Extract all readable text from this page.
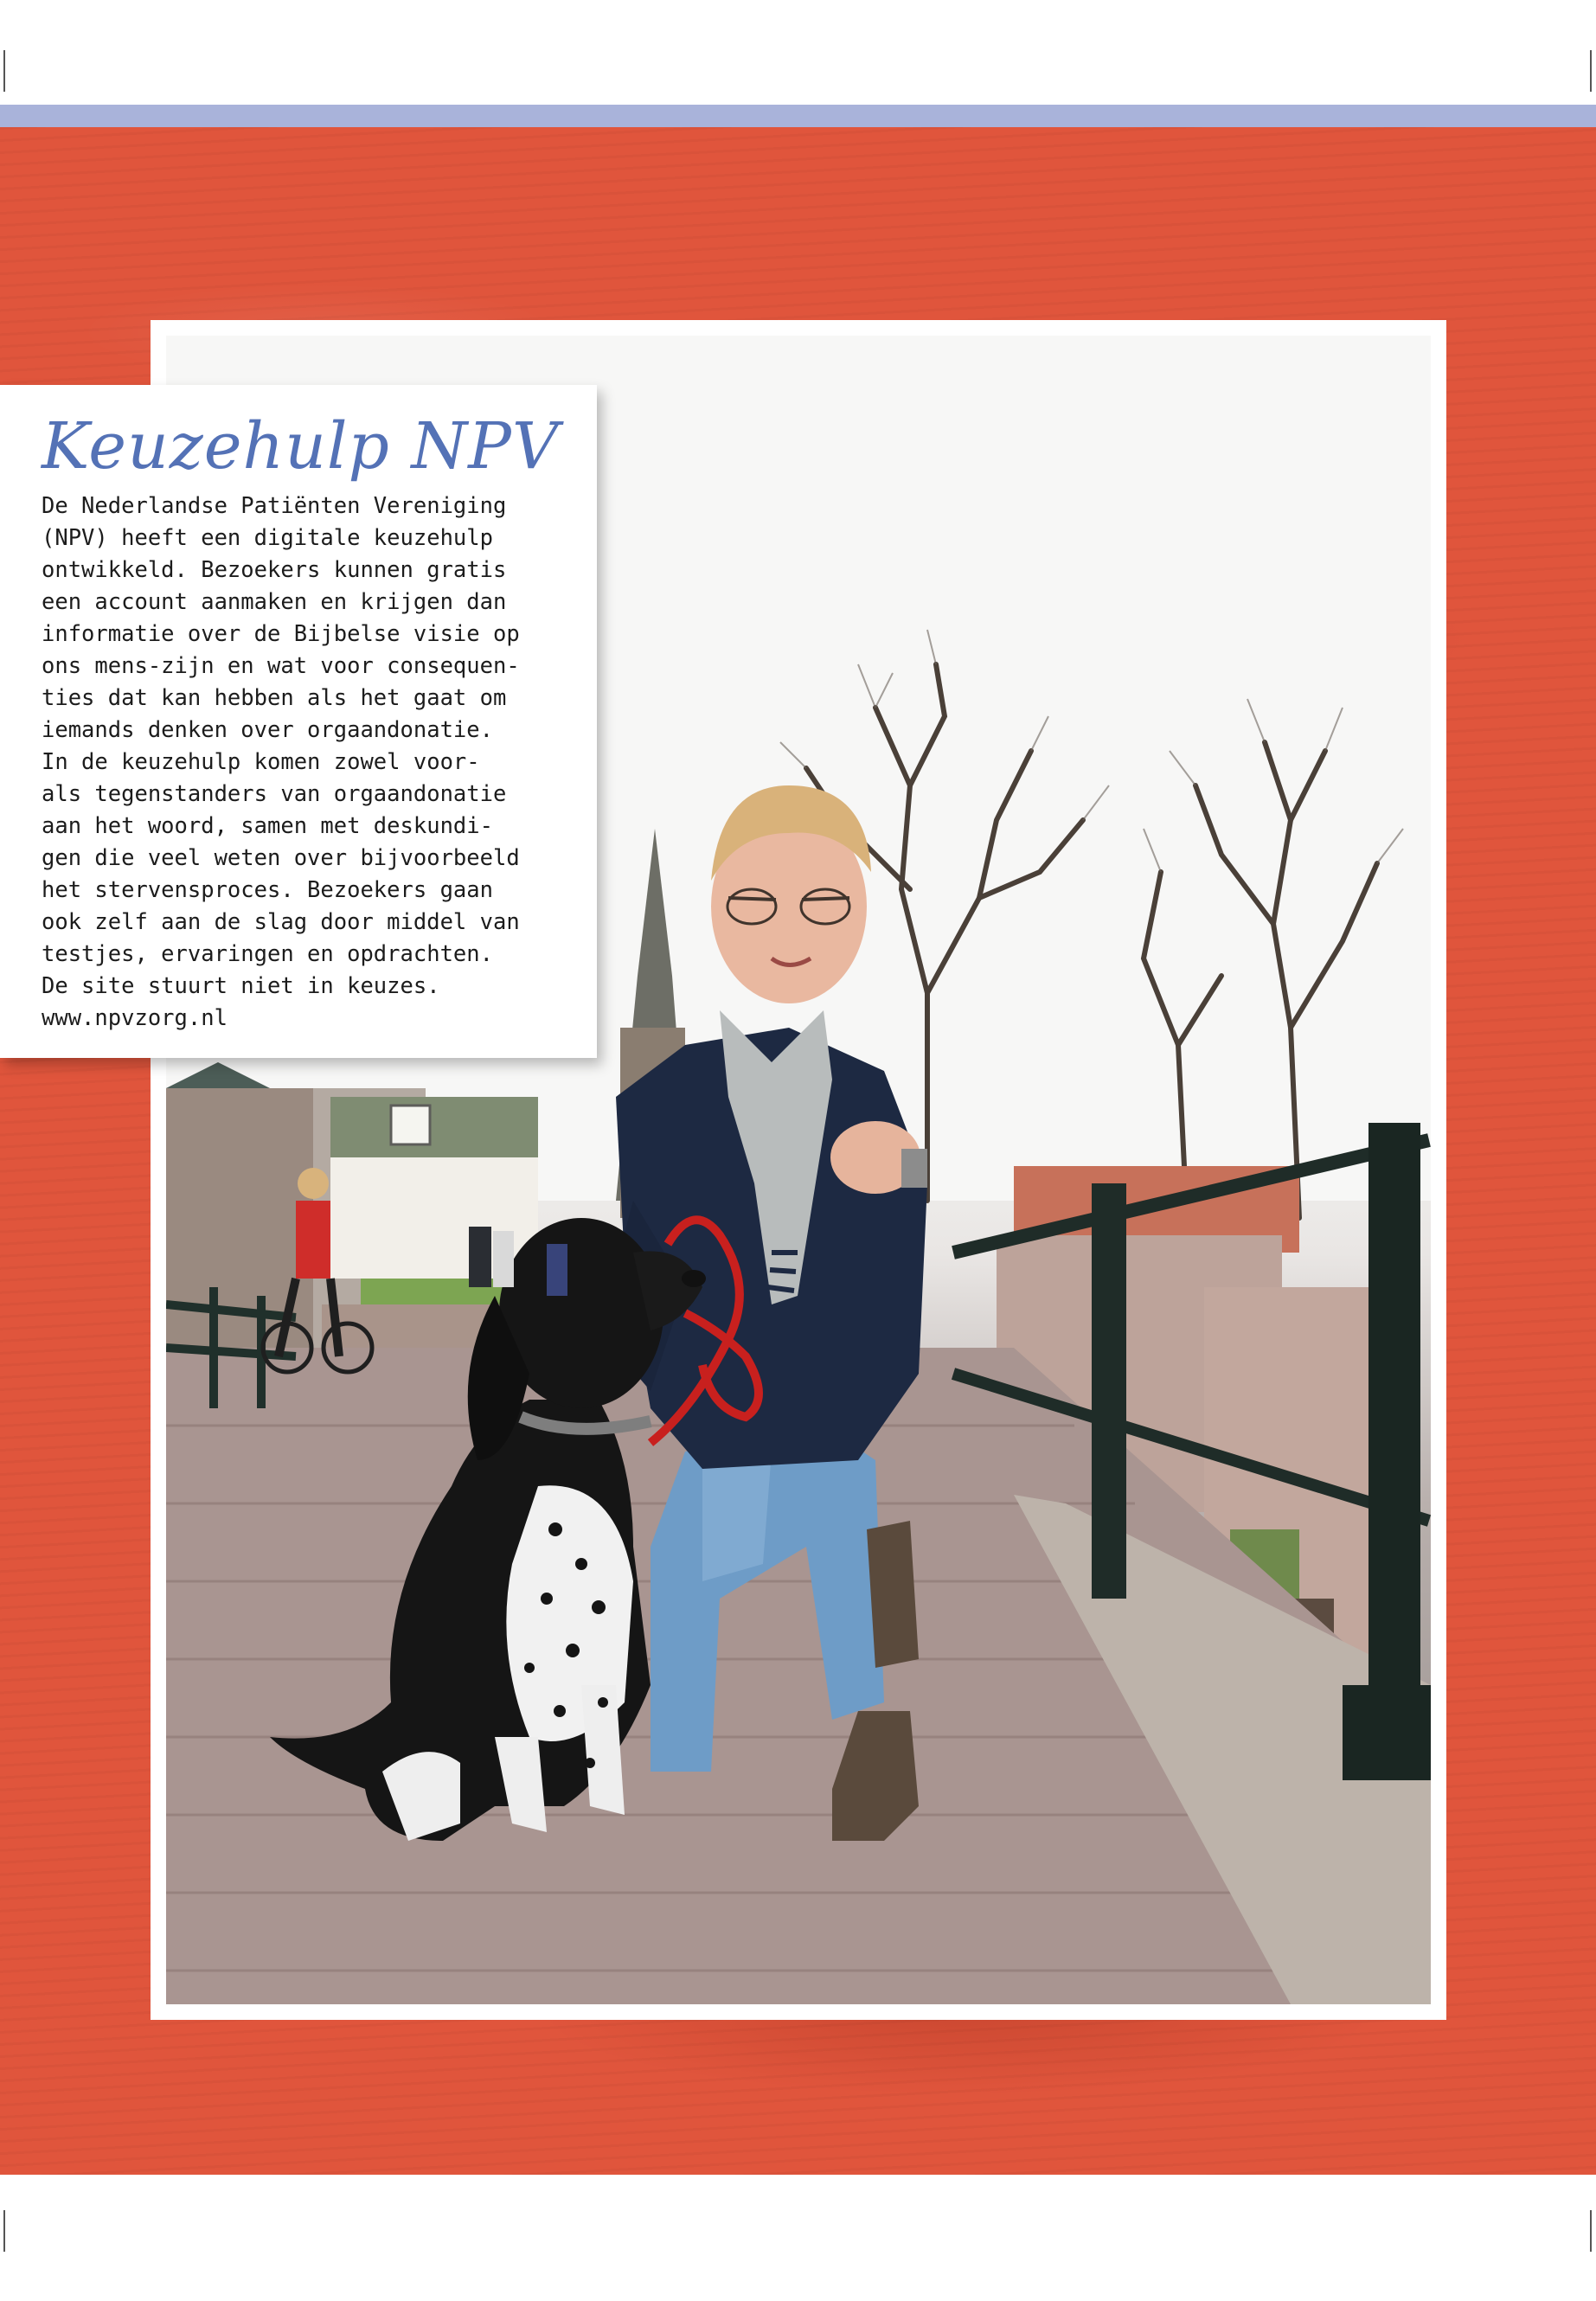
Keuzehulp NPV
De Nederlandse Patiënten Vereniging
(NPV) heeft een digitale keuzehulp
ontwikkeld. Bezoekers kunnen gratis
een account aanmaken en krijgen dan
informatie over de Bijbelse visie op
ons mens-zijn en wat voor consequen-
ties dat kan hebben als het gaat om
iemands denken over orgaandonatie.
In de keuzehulp komen zowel voor-
als tegenstanders van orgaandonatie
aan het woord, samen met deskundi-
gen die veel weten over bijvoorbeeld
het stervensproces. Bezoekers gaan
ook zelf aan de slag door middel van
testjes, ervaringen en opdrachten.
De site stuurt niet in keuzes.
www.npvzorg.nl
